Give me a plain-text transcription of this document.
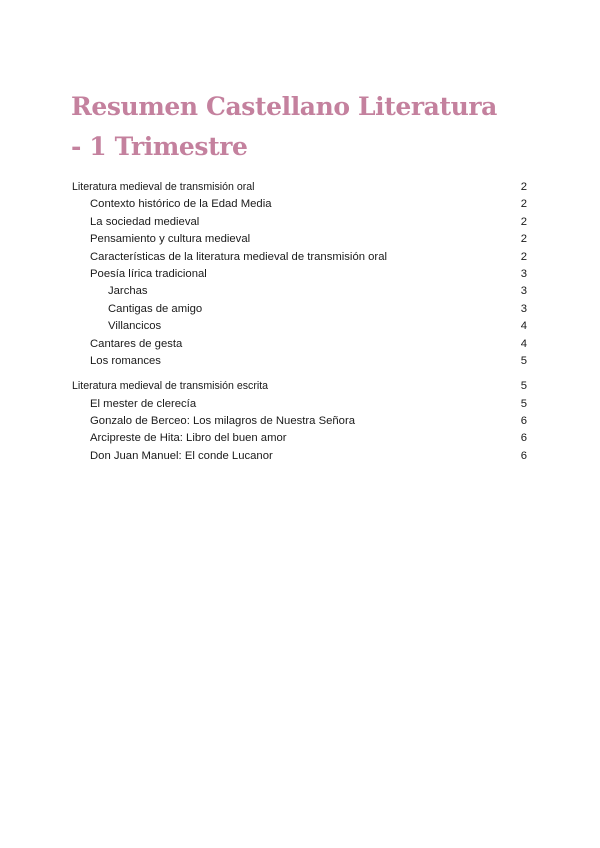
Resumen Castellano Literatura
- 1 Trimestre
Literatura medieval de transmisión oral	2
Contexto histórico de la Edad Media	2
La sociedad medieval	2
Pensamiento y cultura medieval	2
Características de la literatura medieval de transmisión oral	2
Poesía lírica tradicional	3
Jarchas	3
Cantigas de amigo	3
Villancicos	4
Cantares de gesta	4
Los romances	5
Literatura medieval de transmisión escrita	5
El mester de clerecía	5
Gonzalo de Berceo: Los milagros de Nuestra Señora	6
Arcipreste de Hita: Libro del buen amor	6
Don Juan Manuel: El conde Lucanor	6
